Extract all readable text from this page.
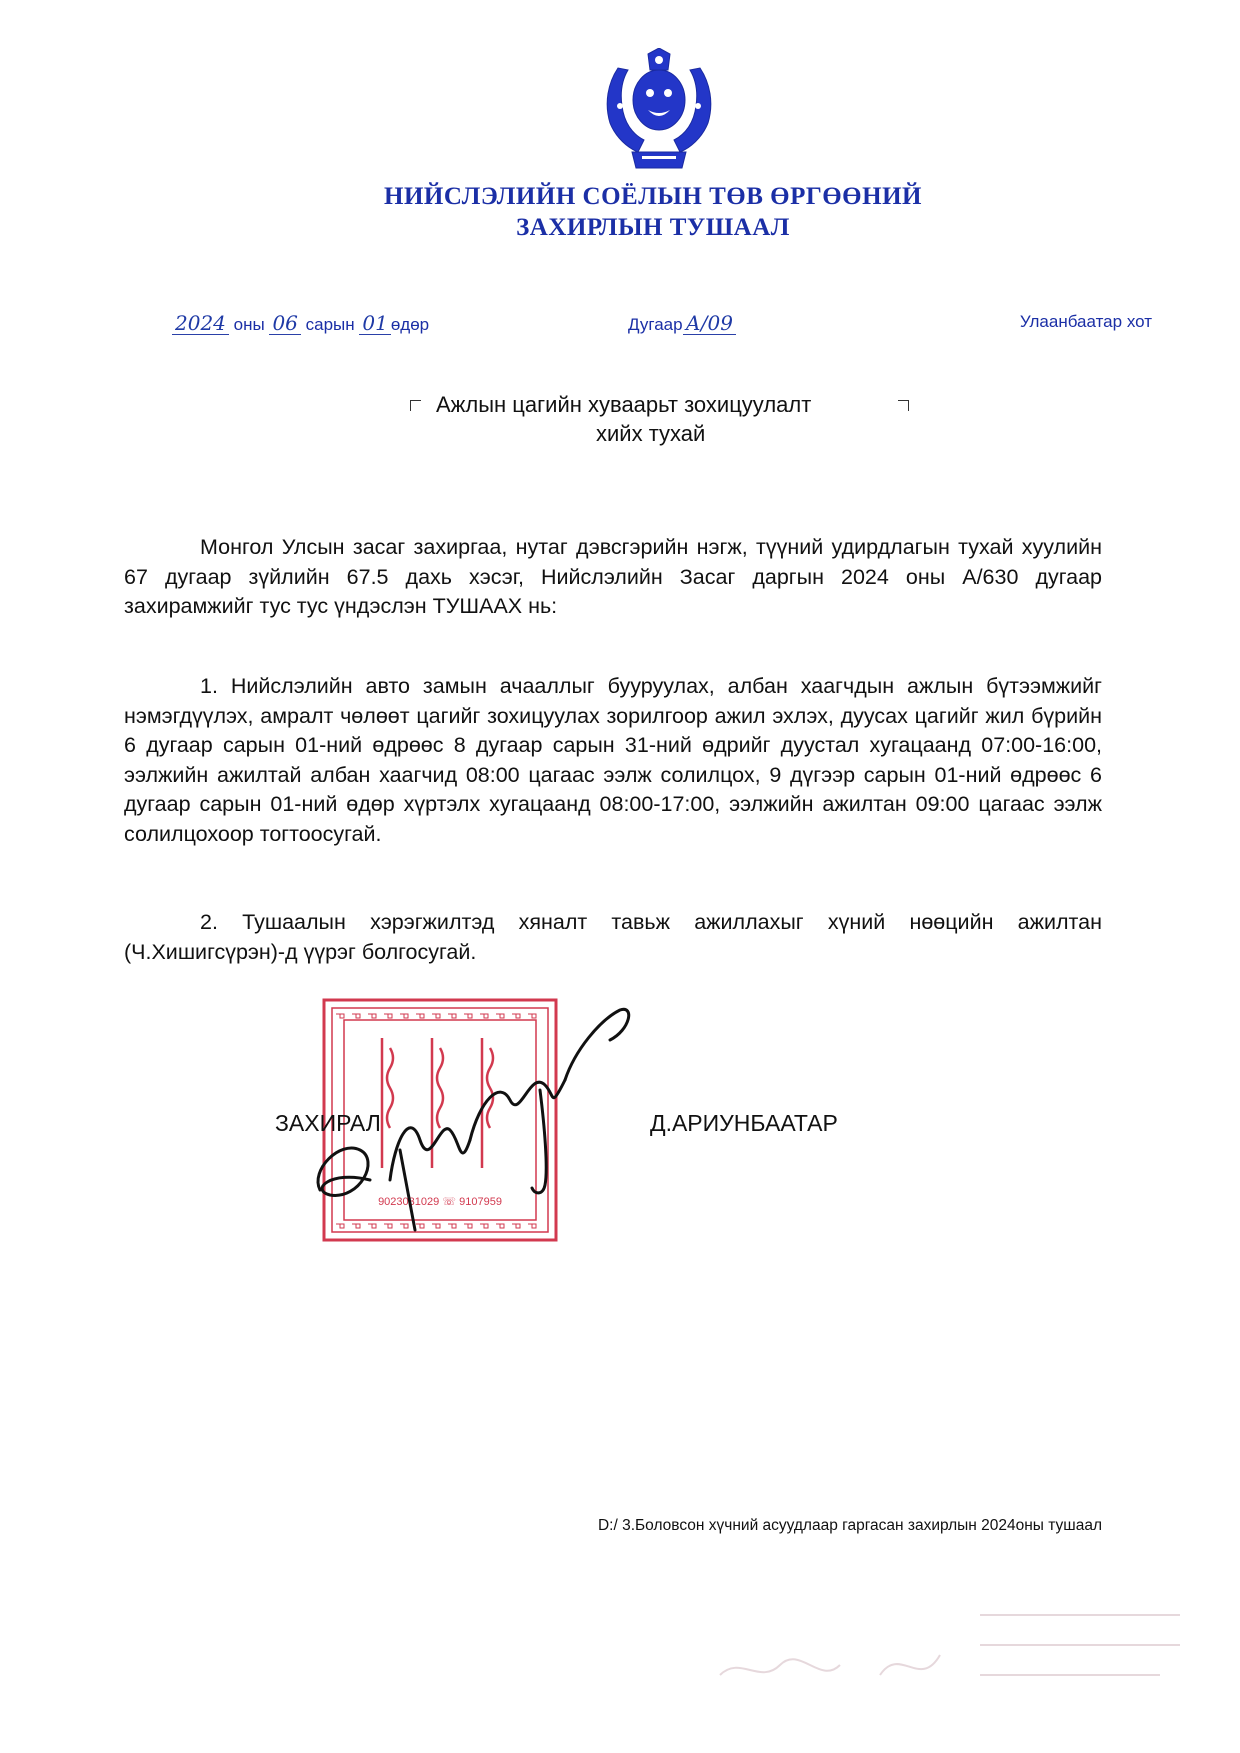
НИЙСЛЭЛИЙН СОЁЛЫН ТӨВ ӨРГӨӨНИЙ
ЗАХИРЛЫН ТУШААЛ
2024 оны 06 сарын 01 өдөр	Дугаар А/09	Улаанбаатар хот
Ажлын цагийн хуваарьт зохицуулалт
хийх тухай
Монгол Улсын засаг захиргаа, нутаг дэвсгэрийн нэгж, түүний удирдлагын тухай хуулийн 67 дугаар зүйлийн 67.5 дахь хэсэг, Нийслэлийн Засаг даргын 2024 оны А/630 дугаар захирамжийг тус тус үндэслэн ТУШААХ нь:
1. Нийслэлийн авто замын ачааллыг бууруулах, албан хаагчдын ажлын бүтээмжийг нэмэгдүүлэх, амралт чөлөөт цагийг зохицуулах зорилгоор ажил эхлэх, дуусах цагийг жил бүрийн 6 дугаар сарын 01-ний өдрөөс 8 дугаар сарын 31-ний өдрийг дуустал хугацаанд 07:00-16:00, ээлжийн ажилтай албан хаагчид 08:00 цагаас ээлж солилцох, 9 дүгээр сарын 01-ний өдрөөс 6 дугаар сарын 01-ний өдөр хүртэлх хугацаанд 08:00-17:00, ээлжийн ажилтан 09:00 цагаас ээлж солилцохоор тогтоосугай.
2. Тушаалын хэрэгжилтэд хяналт тавьж ажиллахыг хүний нөөцийн ажилтан (Ч.Хишигсүрэн)-д үүрэг болгосугай.
9023031029 ☏ 9107959
ЗАХИРАЛ	Д.АРИУНБААТАР
D:/ 3.Боловсон хүчний асуудлаар гаргасан захирлын 2024оны тушаал
